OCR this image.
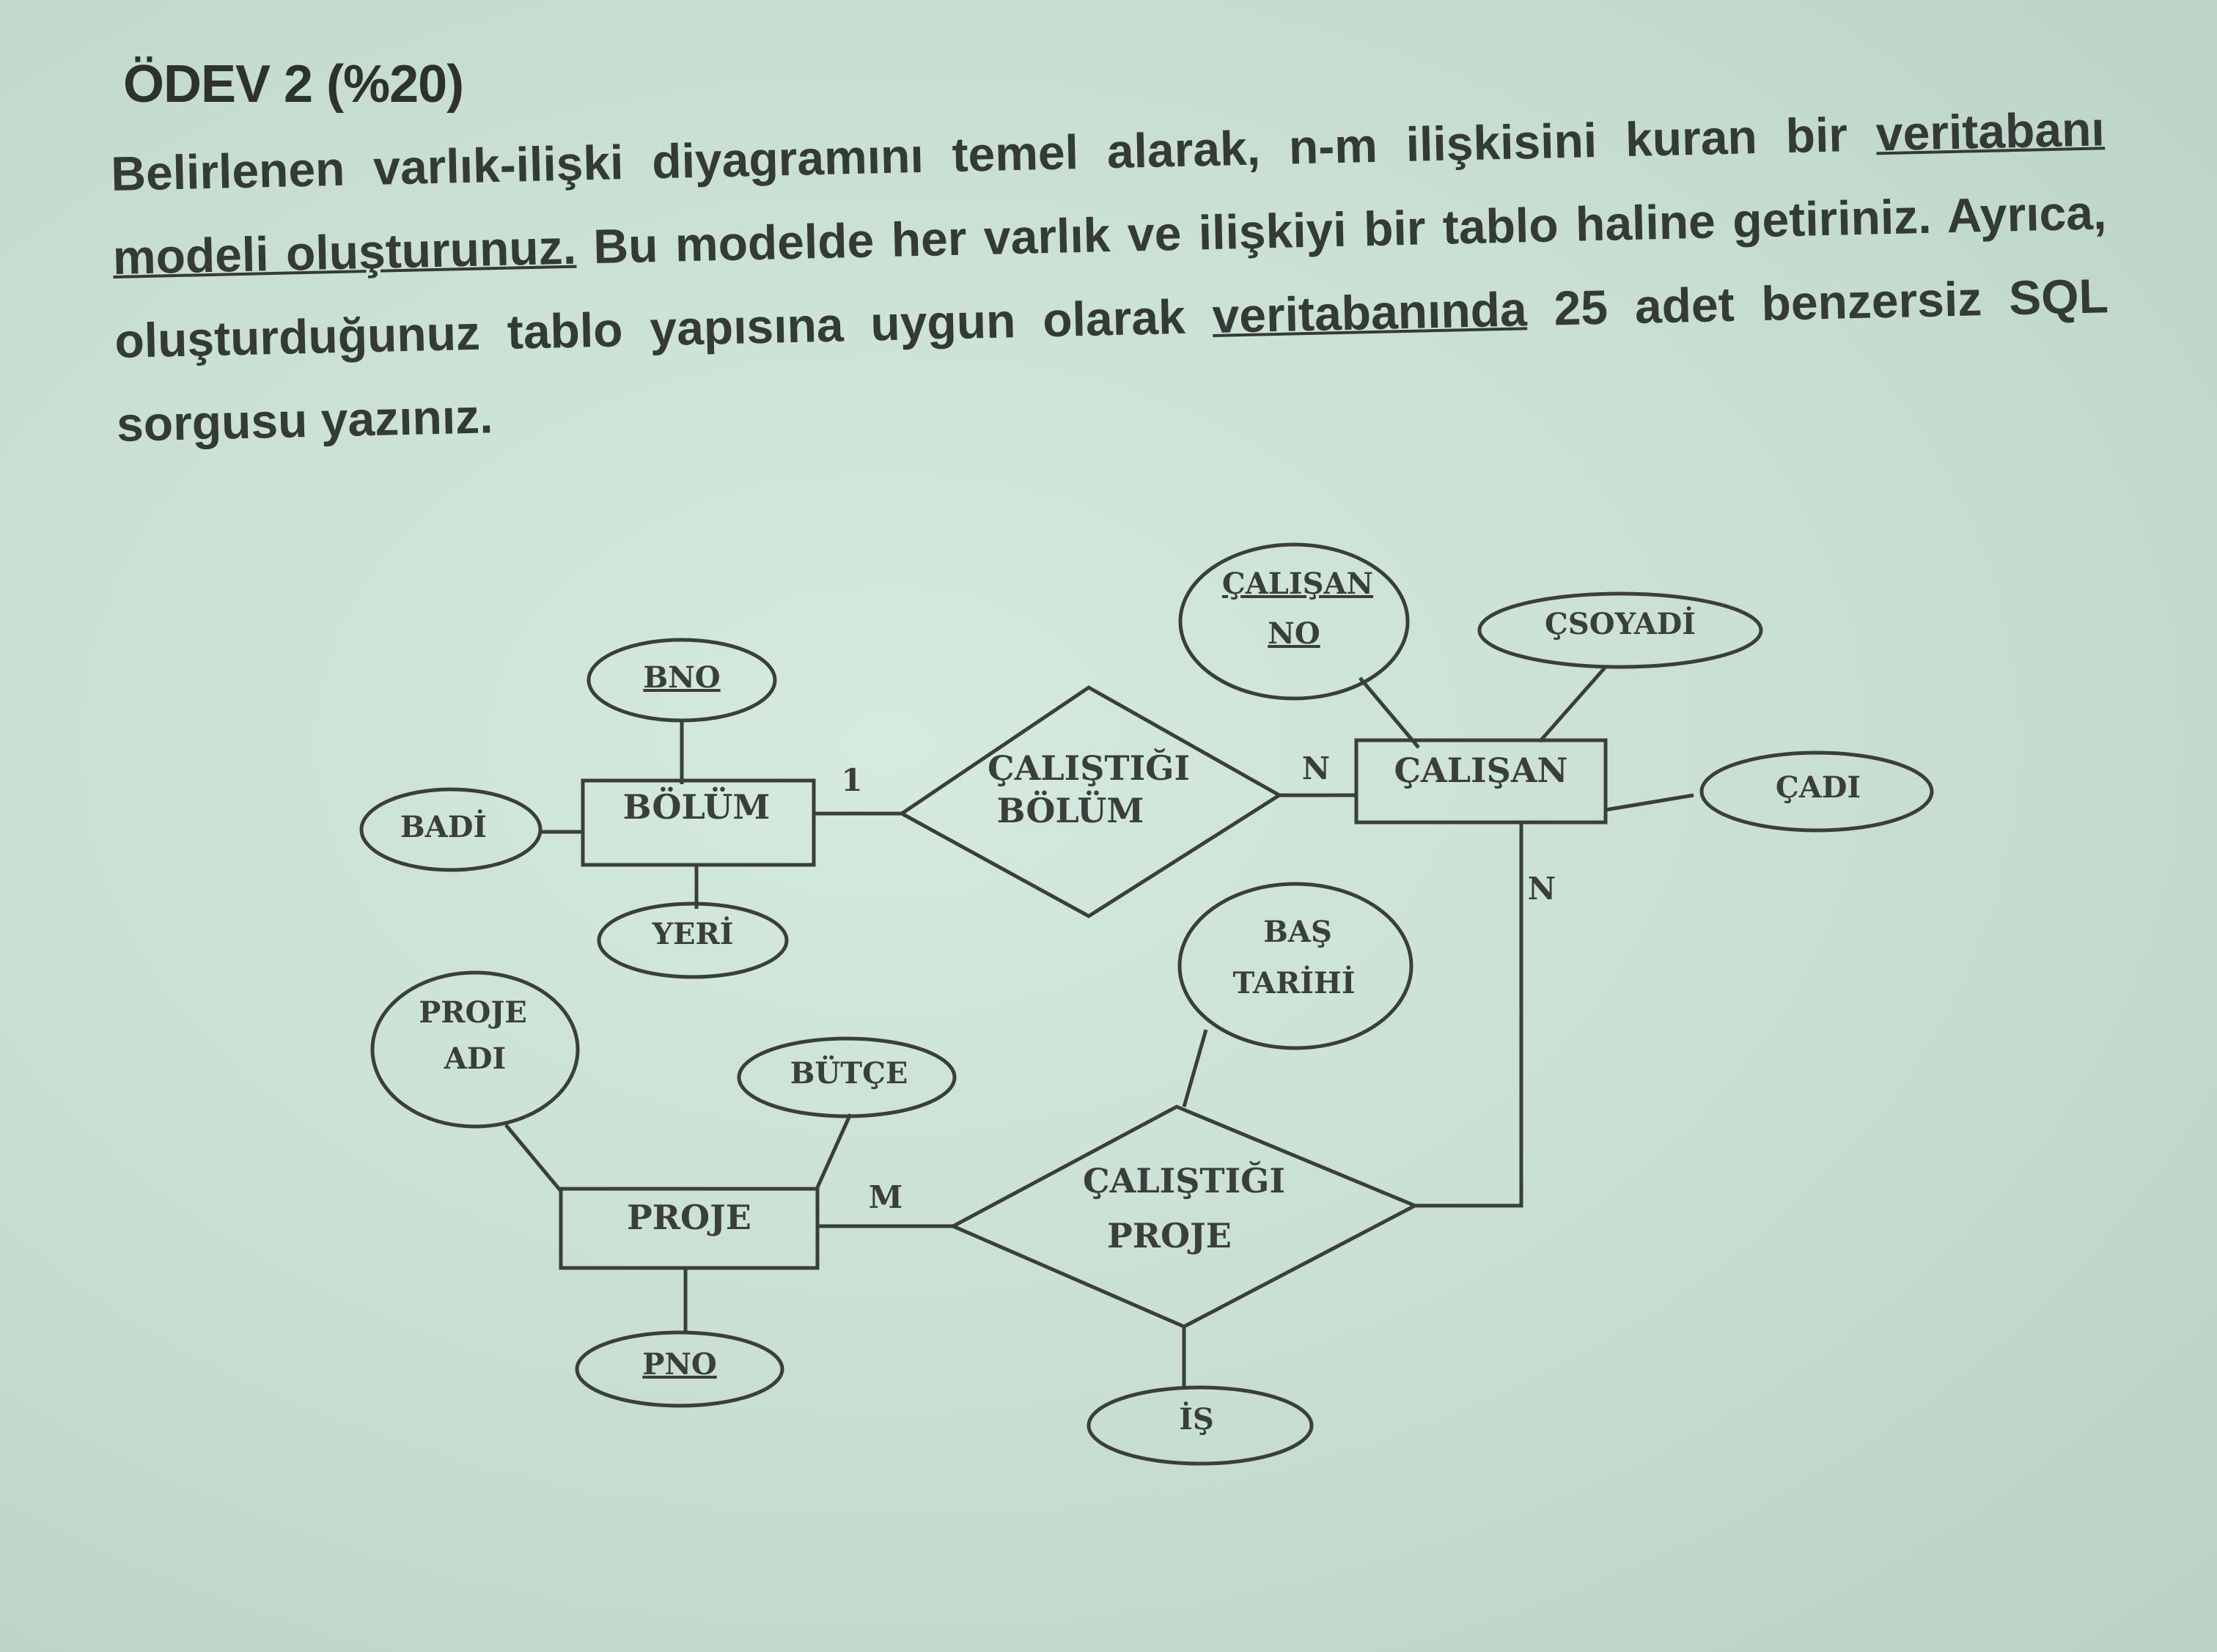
ÖDEV 2 (%20)
Belirlenen varlık-ilişki diyagramını temel alarak, n-m ilişkisini kuran bir veritabanı modeli oluşturunuz. Bu modelde her varlık ve ilişkiyi bir tablo haline getiriniz. Ayrıca, oluşturduğunuz tablo yapısına uygun olarak veritabanında 25 adet benzersiz SQL sorgusu yazınız.
BÖLÜM
ÇALIŞAN
PROJE
ÇALIŞTIĞI
BÖLÜM
ÇALIŞTIĞI
PROJE
BNO
BADİ
YERİ
ÇALIŞAN
NO	ÇSOYADİ
ÇADI
BAŞ
TARİHİ
PROJE
ADI	BÜTÇE
PNO
İŞ
1	N
N
M
